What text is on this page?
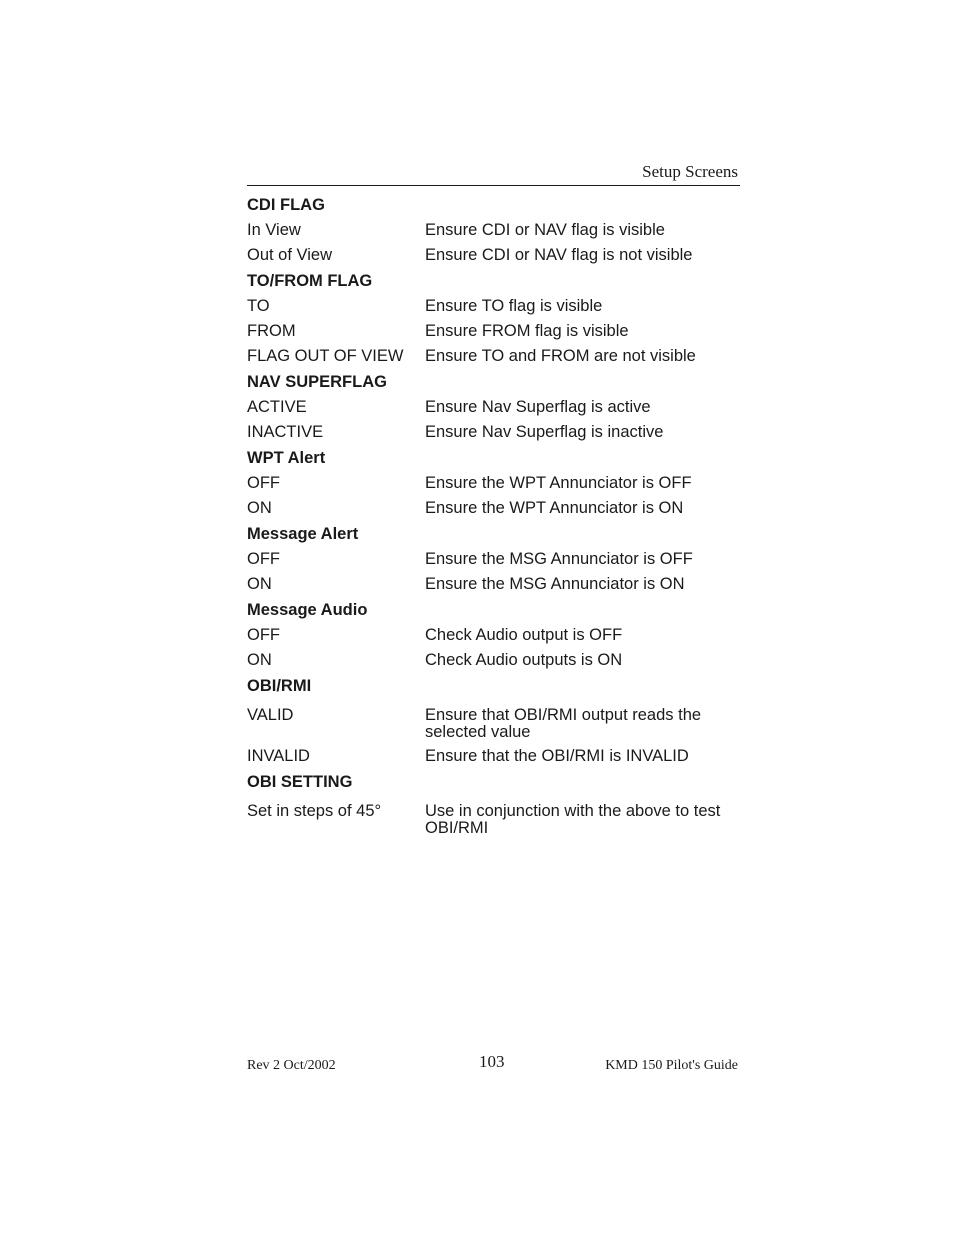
Setup Screens
CDI FLAG
In View	Ensure CDI or NAV flag is visible
Out of View	Ensure CDI or NAV flag is not visible
TO/FROM FLAG
TO	Ensure TO flag is visible
FROM	Ensure FROM flag is visible
FLAG OUT OF VIEW	Ensure TO and FROM are not visible
NAV SUPERFLAG
ACTIVE	Ensure Nav Superflag is active
INACTIVE	Ensure Nav Superflag is inactive
WPT Alert
OFF	Ensure the WPT Annunciator is OFF
ON	Ensure the WPT Annunciator is ON
Message Alert
OFF	Ensure the MSG Annunciator is OFF
ON	Ensure the MSG Annunciator is ON
Message Audio
OFF	Check Audio output is OFF
ON	Check Audio outputs is ON
OBI/RMI
VALID	Ensure that OBI/RMI output reads the selected value
INVALID	Ensure that the OBI/RMI is INVALID
OBI SETTING
Set in steps of 45°	Use in conjunction with the above to test OBI/RMI
Rev 2 Oct/2002	103	KMD 150 Pilot's Guide
